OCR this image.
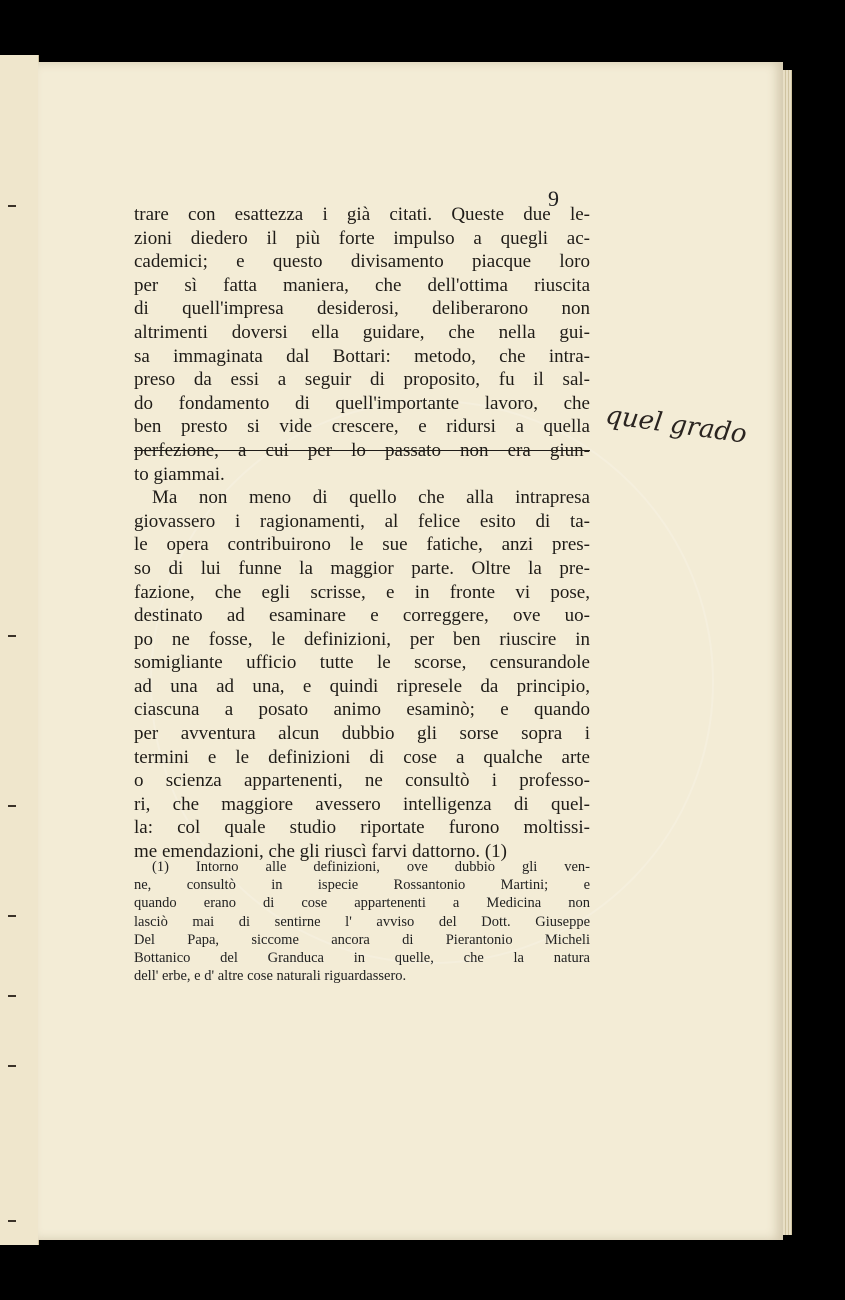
9
trare con esattezza i già citati. Queste due le-
zioni diedero il più forte impulso a quegli ac-
cademici; e questo divisamento piacque loro
per sì fatta maniera, che dell'ottima riuscita
di quell'impresa desiderosi, deliberarono non
altrimenti doversi ella guidare, che nella gui-
sa immaginata dal Bottari: metodo, che intra-
preso da essi a seguir di proposito, fu il sal-
do fondamento di quell'importante lavoro, che
ben presto si vide crescere, e ridursi a quella
perfezione, a cui per lo passato non era giun-
to giammai.
Ma non meno di quello che alla intrapresa
giovassero i ragionamenti, al felice esito di ta-
le opera contribuirono le sue fatiche, anzi pres-
so di lui funne la maggior parte. Oltre la pre-
fazione, che egli scrisse, e in fronte vi pose,
destinato ad esaminare e correggere, ove uo-
po ne fosse, le definizioni, per ben riuscire in
somigliante ufficio tutte le scorse, censurandole
ad una ad una, e quindi ripresele da principio,
ciascuna a posato animo esaminò; e quando
per avventura alcun dubbio gli sorse sopra i
termini e le definizioni di cose a qualche arte
o scienza appartenenti, ne consultò i professo-
ri, che maggiore avessero intelligenza di quel-
la: col quale studio riportate furono moltissi-
me emendazioni, che gli riuscì farvi dattorno. (1)
quel grado
(1) Intorno alle definizioni, ove dubbio gli ven-
ne, consultò in ispecie Rossantonio Martini; e
quando erano di cose appartenenti a Medicina non
lasciò mai di sentirne l' avviso del Dott. Giuseppe
Del Papa, siccome ancora di Pierantonio Micheli
Bottanico del Granduca in quelle, che la natura
dell' erbe, e d' altre cose naturali riguardassero.
